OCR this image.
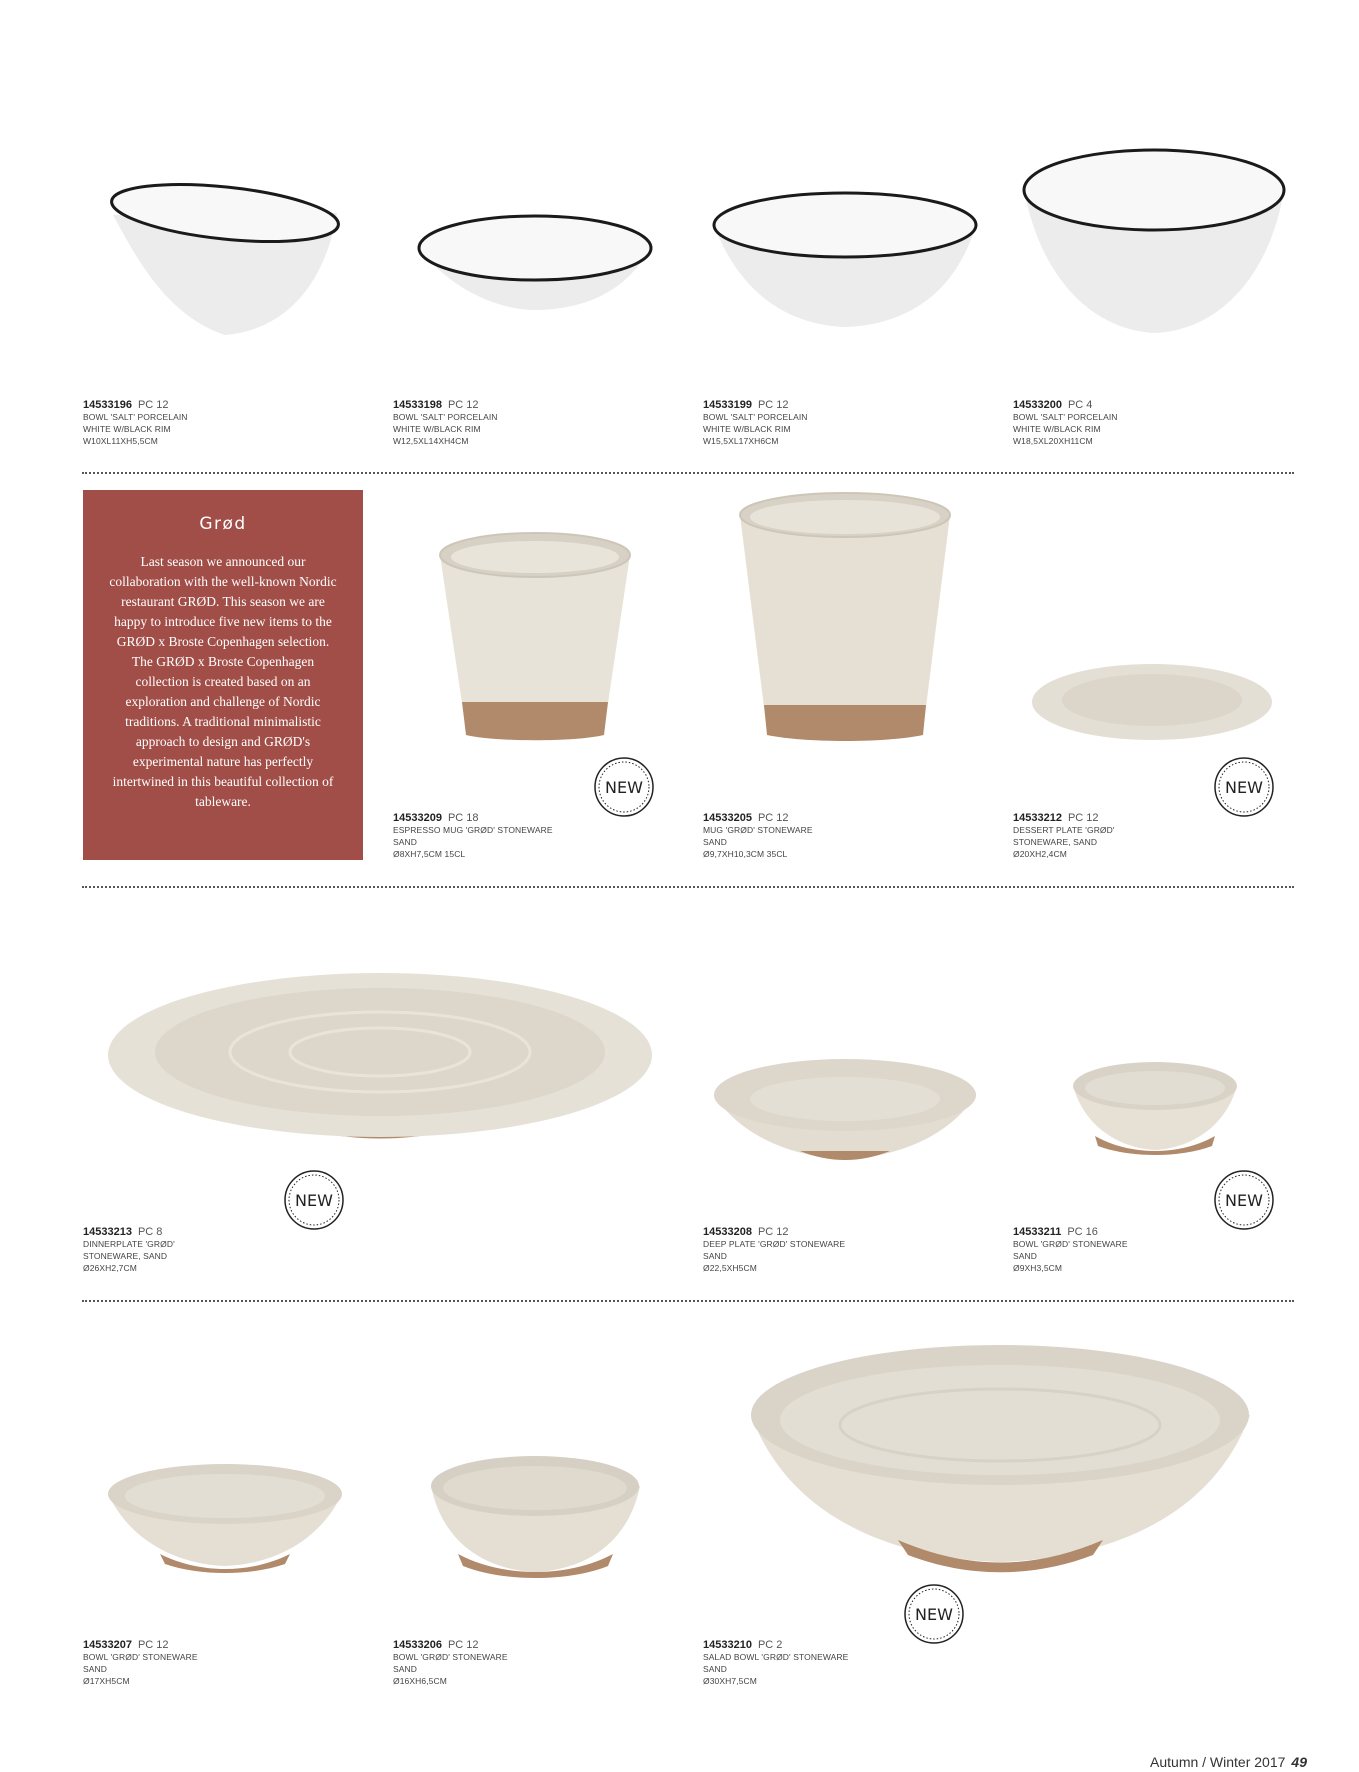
14533196 PC 12
BOWL 'SALT' PORCELAIN
WHITE W/BLACK RIM
W10XL11XH5,5CM
14533198 PC 12
BOWL 'SALT' PORCELAIN
WHITE W/BLACK RIM
W12,5XL14XH4CM
14533199 PC 12
BOWL 'SALT' PORCELAIN
WHITE W/BLACK RIM
W15,5XL17XH6CM
14533200 PC 4
BOWL 'SALT' PORCELAIN
WHITE W/BLACK RIM
W18,5XL20XH11CM
Grød

Last season we announced our collaboration with the well-known Nordic restaurant GRØD. This season we are happy to introduce five new items to the GRØD x Broste Copenhagen selection. The GRØD x Broste Copenhagen collection is created based on an exploration and challenge of Nordic traditions. A traditional minimalistic approach to design and GRØD's experimental nature has perfectly intertwined in this beautiful collection of tableware.

NEW	NEW
14533209 PC 18
ESPRESSO MUG 'GRØD' STONEWARE
SAND
Ø8XH7,5CM 15CL
14533205 PC 12
MUG 'GRØD' STONEWARE
SAND
Ø9,7XH10,3CM 35CL
14533212 PC 12
DESSERT PLATE 'GRØD'
STONEWARE, SAND
Ø20XH2,4CM
NEW	NEW
14533213 PC 8
DINNERPLATE 'GRØD'
STONEWARE, SAND
Ø26XH2,7CM
14533208 PC 12
DEEP PLATE 'GRØD' STONEWARE
SAND
Ø22,5XH5CM
14533211 PC 16
BOWL 'GRØD' STONEWARE
SAND
Ø9XH3,5CM
NEW
14533207 PC 12
BOWL 'GRØD' STONEWARE
SAND
Ø17XH5CM
14533206 PC 12
BOWL 'GRØD' STONEWARE
SAND
Ø16XH6,5CM
14533210 PC 2
SALAD BOWL 'GRØD' STONEWARE
SAND
Ø30XH7,5CM
Autumn / Winter 2017 49
